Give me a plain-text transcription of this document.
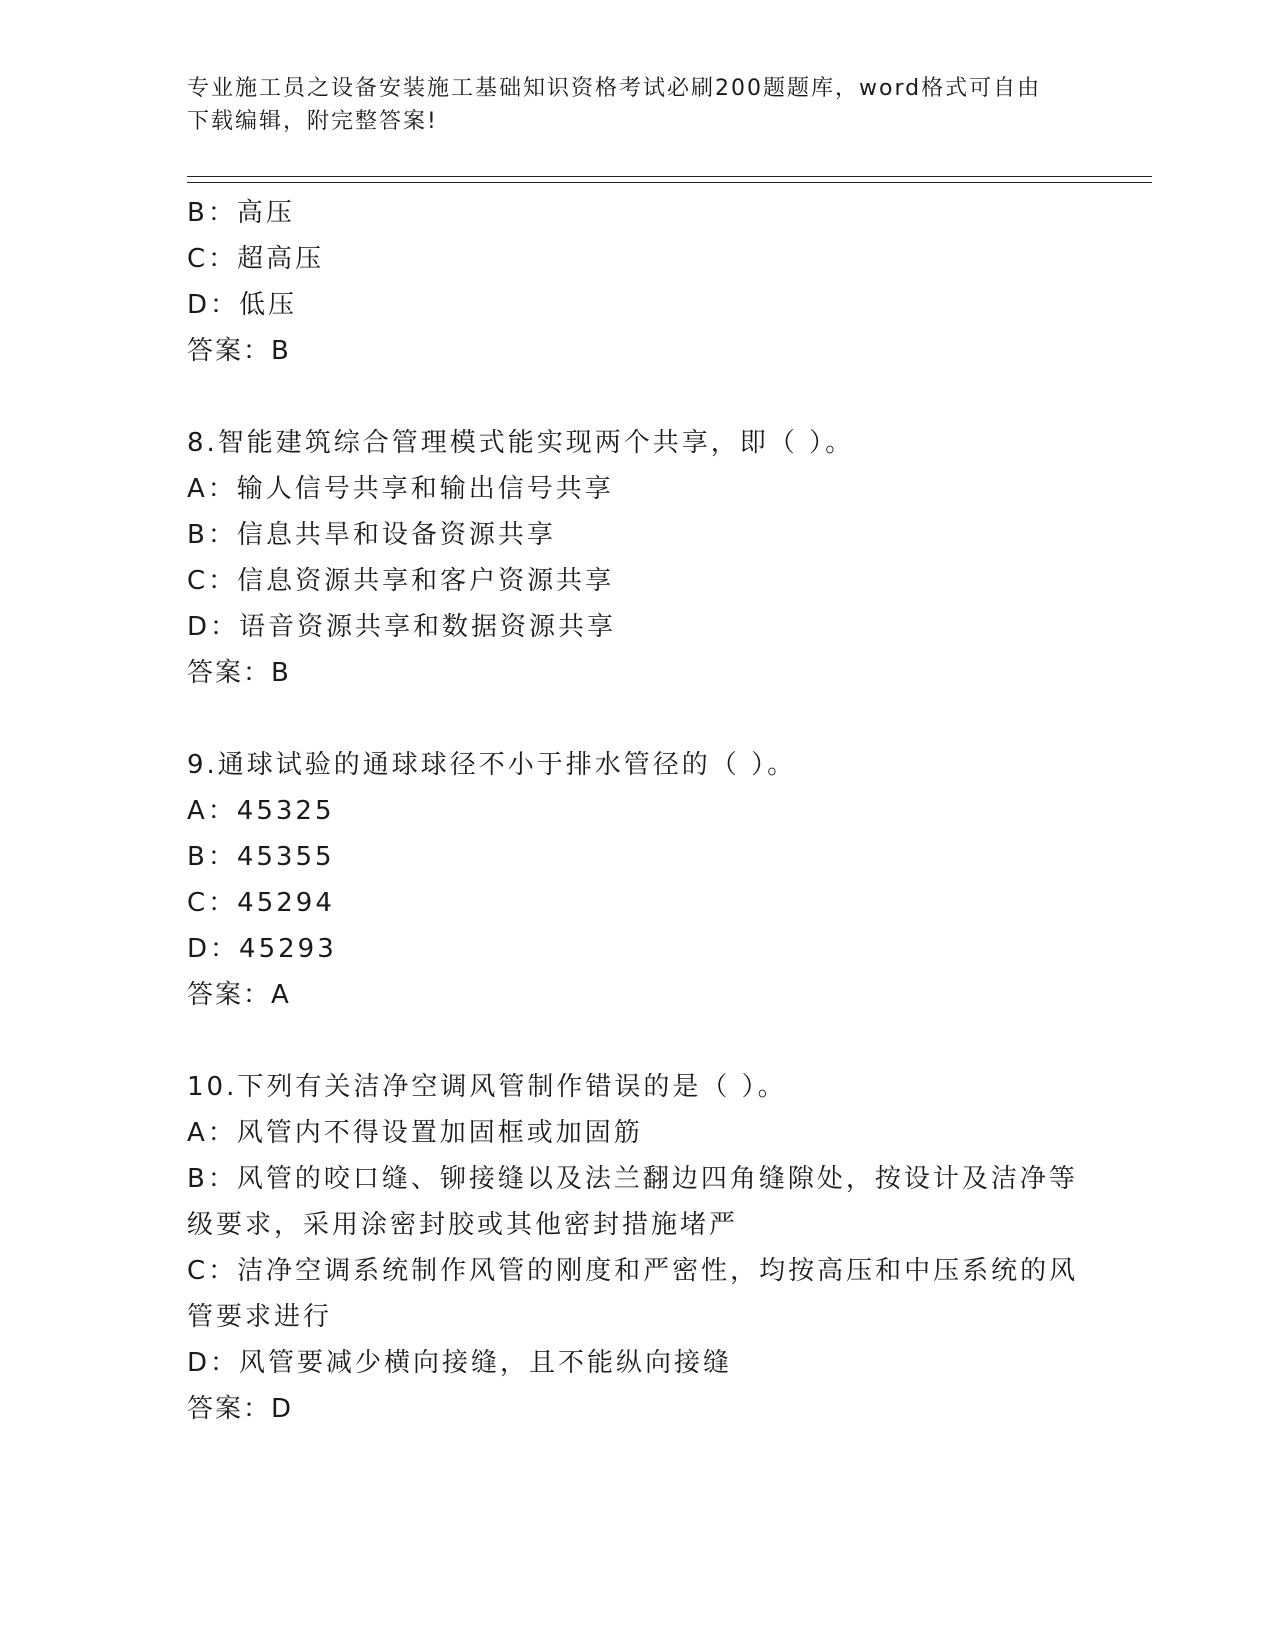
专业施工员之设备安装施工基础知识资格考试必刷200题题库，word格式可自由
下载编辑，附完整答案!
B：高压
C：超高压
D：低压
答案：B
8.智能建筑综合管理模式能实现两个共享，即（ ）。
A：输人信号共享和输出信号共享
B：信息共旱和设备资源共享
C：信息资源共享和客户资源共享
D：语音资源共享和数据资源共享
答案：B
9.通球试验的通球球径不小于排水管径的（ ）。
A：45325
B：45355
C：45294
D：45293
答案：A
10.下列有关洁净空调风管制作错误的是（ ）。
A：风管内不得设置加固框或加固筋
B：风管的咬口缝、铆接缝以及法兰翻边四角缝隙处，按设计及洁净等级要求，采用涂密封胶或其他密封措施堵严
C：洁净空调系统制作风管的刚度和严密性，均按高压和中压系统的风管要求进行
D：风管要减少横向接缝，且不能纵向接缝
答案：D
